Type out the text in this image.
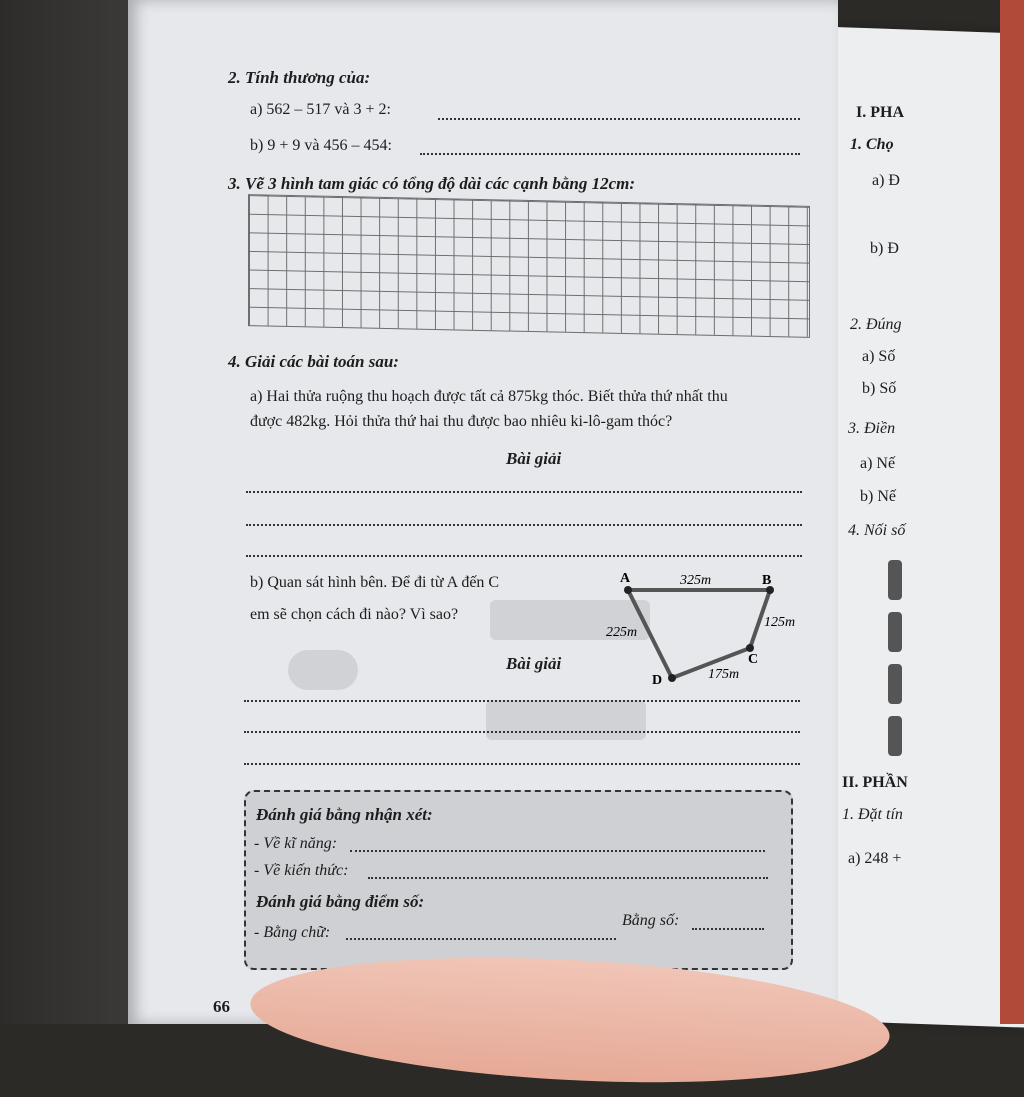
2. Tính thương của:
a) 562 – 517 và 3 + 2:
b) 9 + 9 và 456 – 454:
3. Vẽ 3 hình tam giác có tổng độ dài các cạnh bằng 12cm:
4. Giải các bài toán sau:
a) Hai thửa ruộng thu hoạch được tất cả 875kg thóc. Biết thửa thứ nhất thu
được 482kg. Hỏi thửa thứ hai thu được bao nhiêu ki-lô-gam thóc?
Bài giải
b) Quan sát hình bên. Để đi từ A đến C
em sẽ chọn cách đi nào? Vì sao?
A	B
C
D
325m
125m
175m
225m
Bài giải
Đánh giá bằng nhận xét:
- Về kĩ năng:
- Về kiến thức:
Đánh giá bằng điểm số:
- Bằng chữ:
Bằng số:
66
I. PHA
1. Chọ
a) Đ
b) Đ
2. Đúng
a) Số
b) Số
3. Điền
a) Nế
b) Nế
4. Nối số
II. PHẦN
1. Đặt tín
a) 248 +
